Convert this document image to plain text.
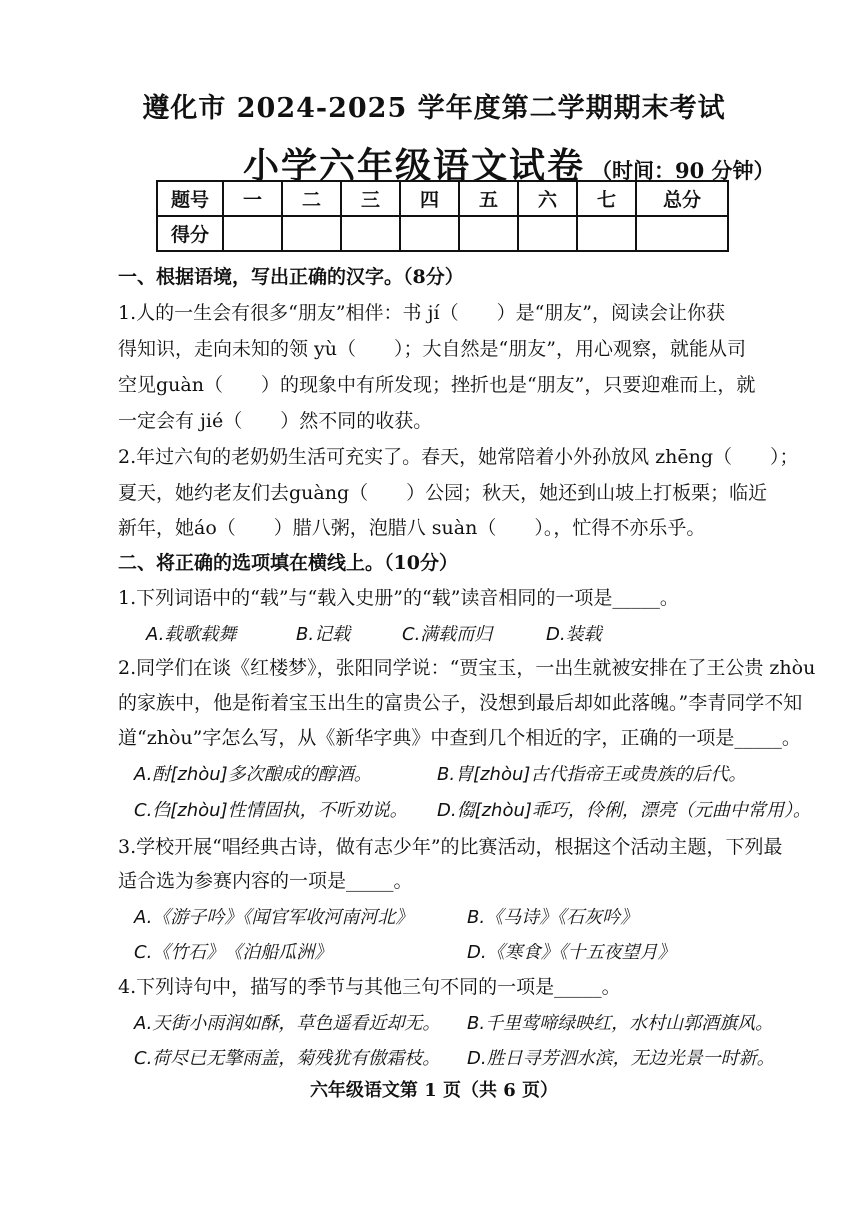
遵化市 2024-2025 学年度第二学期期末考试
小学六年级语文试卷 （时间：90 分钟）
题号	一	二	三	四	五	六	七	总分
得分								
一、根据语境，写出正确的汉字。（8分）
1.人的一生会有很多“朋友”相伴：书 jí（　　）是“朋友”，阅读会让你获
得知识，走向未知的领 yù（　　）；大自然是“朋友”，用心观察，就能从司
空见guàn（　　）的现象中有所发现；挫折也是“朋友”，只要迎难而上，就
一定会有 jié（　　）然不同的收获。
2.年过六旬的老奶奶生活可充实了。春天，她常陪着小外孙放风 zhēng（　　）；
夏天，她约老友们去guàng（　　）公园；秋天，她还到山坡上打板栗；临近
新年，她áo（　　）腊八粥，泡腊八 suàn（　　）。，忙得不亦乐乎。
二、将正确的选项填在横线上。（10分）
1.下列词语中的“载”与“载入史册”的“载”读音相同的一项是_____。
A.载歌载舞	B.记载	C.满载而归	D.装载
2.同学们在谈《红楼梦》，张阳同学说：“贾宝玉，一出生就被安排在了王公贵 zhòu
的家族中，他是衔着宝玉出生的富贵公子，没想到最后却如此落魄。”李青同学不知
道“zhòu”字怎么写，从《新华字典》中查到几个相近的字，正确的一项是_____。
A.酎[zhòu]多次酿成的醇酒。	B.胄[zhòu]古代指帝王或贵族的后代。
C.㑇[zhòu]性情固执，不听劝说。 D.㑳[zhòu]乖巧，伶俐，漂亮（元曲中常用）。
3.学校开展“唱经典古诗，做有志少年”的比赛活动，根据这个活动主题，下列最
适合选为参赛内容的一项是_____。
A.《游子吟》《闻官军收河南河北》	B.《马诗》《石灰吟》
C.《竹石》　《泊船瓜洲》	D.《寒食》《十五夜望月》
4.下列诗句中，描写的季节与其他三句不同的一项是_____。
A.天街小雨润如酥，草色遥看近却无。 B.千里莺啼绿映红，水村山郭酒旗风。
C.荷尽已无擎雨盖，菊残犹有傲霜枝。 D.胜日寻芳泗水滨，无边光景一时新。
六年级语文第 1 页（共 6 页）
